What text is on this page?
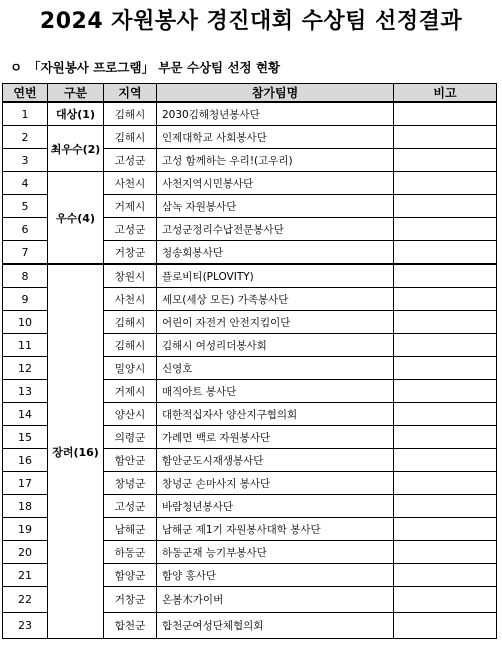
2024 자원봉사 경진대회 수상팀 선정결과
ㅇ 「자원봉사 프로그램」 부문 수상팀 선정 현황
연번	구분	지역	참가팀명	비고
1	대상(1)	김해시	2030김해청년봉사단	
2	최우수(2)	김해시	인제대학교 사회봉사단	
3		고성군	고성 함께하는 우리!(고우리)	
4	우수(4)	사천시	사천지역시민봉사단	
5		거제시	삼녹 자원봉사단	
6		고성군	고성군정리수납전문봉사단	
7		거창군	청송회봉사단	
8	장려(16)	창원시	플로비티(PLOVITY)	
9		사천시	세모(세상 모든) 가족봉사단	
10		김해시	어린이 자전거 안전지킴이단	
11		김해시	김해시 여성리더봉사회	
12		밀양시	신영호	
13		거제시	매직아트 봉사단	
14		양산시	대한적십자사 양산지구협의회	
15		의령군	가례면 백로 자원봉사단	
16		함안군	함안군도시재생봉사단	
17		창녕군	창녕군 손마사지 봉사단	
18		고성군	바람청년봉사단	
19		남해군	남해군 제1기 자원봉사대학 봉사단	
20		하동군	하동군재 능기부봉사단	
21		함양군	함양 홍사단	
22		거창군	온봄木가이버	
23		합천군	합천군여성단체협의회	
